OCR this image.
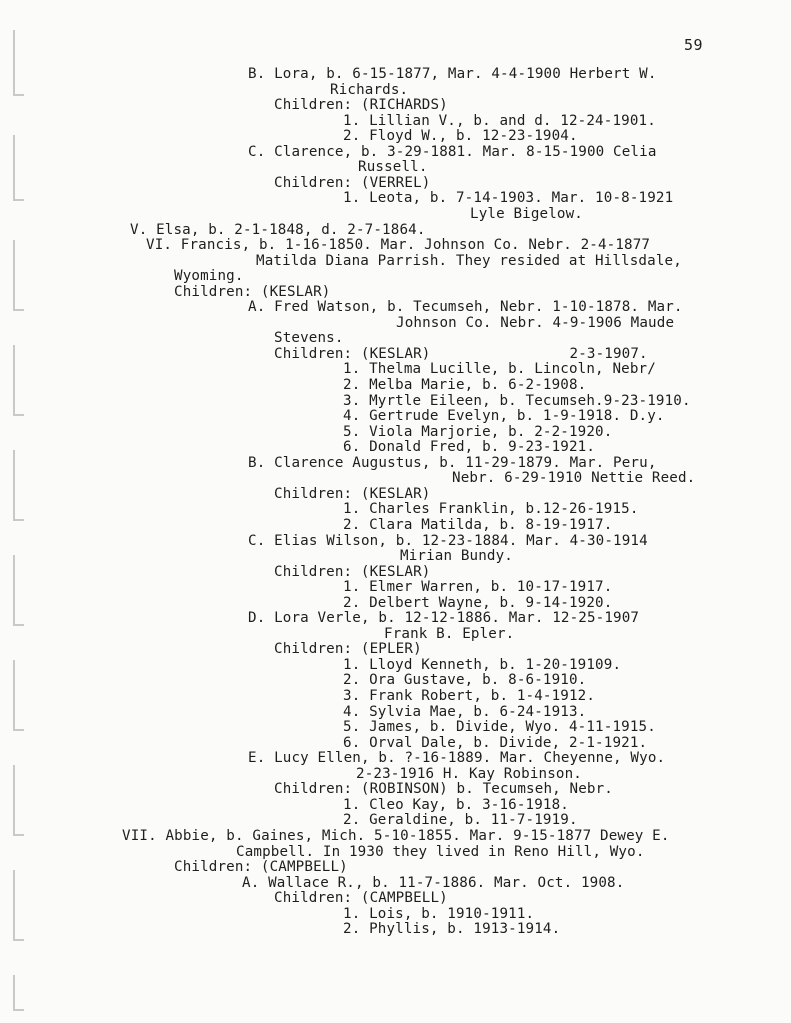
59
B. Lora, b. 6-15-1877, Mar. 4-4-1900 Herbert W.
Richards.
Children: (RICHARDS)
1. Lillian V., b. and d. 12-24-1901.
2. Floyd W., b. 12-23-1904.
C. Clarence, b. 3-29-1881. Mar. 8-15-1900 Celia
Russell.
Children: (VERREL)
1. Leota, b. 7-14-1903. Mar. 10-8-1921
Lyle Bigelow.
V. Elsa, b. 2-1-1848, d. 2-7-1864.
VI. Francis, b. 1-16-1850. Mar. Johnson Co. Nebr. 2-4-1877
Matilda Diana Parrish. They resided at Hillsdale,
Wyoming.
Children: (KESLAR)
A. Fred Watson, b. Tecumseh, Nebr. 1-10-1878. Mar.
Johnson Co. Nebr. 4-9-1906 Maude
Stevens.
Children: (KESLAR)                2-3-1907.
1. Thelma Lucille, b. Lincoln, Nebr/
2. Melba Marie, b. 6-2-1908.
3. Myrtle Eileen, b. Tecumseh.9-23-1910.
4. Gertrude Evelyn, b. 1-9-1918. D.y.
5. Viola Marjorie, b. 2-2-1920.
6. Donald Fred, b. 9-23-1921.
B. Clarence Augustus, b. 11-29-1879. Mar. Peru,
Nebr. 6-29-1910 Nettie Reed.
Children: (KESLAR)
1. Charles Franklin, b.12-26-1915.
2. Clara Matilda, b. 8-19-1917.
C. Elias Wilson, b. 12-23-1884. Mar. 4-30-1914
Mirian Bundy.
Children: (KESLAR)
1. Elmer Warren, b. 10-17-1917.
2. Delbert Wayne, b. 9-14-1920.
D. Lora Verle, b. 12-12-1886. Mar. 12-25-1907
Frank B. Epler.
Children: (EPLER)
1. Lloyd Kenneth, b. 1-20-19109.
2. Ora Gustave, b. 8-6-1910.
3. Frank Robert, b. 1-4-1912.
4. Sylvia Mae, b. 6-24-1913.
5. James, b. Divide, Wyo. 4-11-1915.
6. Orval Dale, b. Divide, 2-1-1921.
E. Lucy Ellen, b. ?-16-1889. Mar. Cheyenne, Wyo.
2-23-1916 H. Kay Robinson.
Children: (ROBINSON) b. Tecumseh, Nebr.
1. Cleo Kay, b. 3-16-1918.
2. Geraldine, b. 11-7-1919.
VII. Abbie, b. Gaines, Mich. 5-10-1855. Mar. 9-15-1877 Dewey E.
Campbell. In 1930 they lived in Reno Hill, Wyo.
Children: (CAMPBELL)
A. Wallace R., b. 11-7-1886. Mar. Oct. 1908.
Children: (CAMPBELL)
1. Lois, b. 1910-1911.
2. Phyllis, b. 1913-1914.
